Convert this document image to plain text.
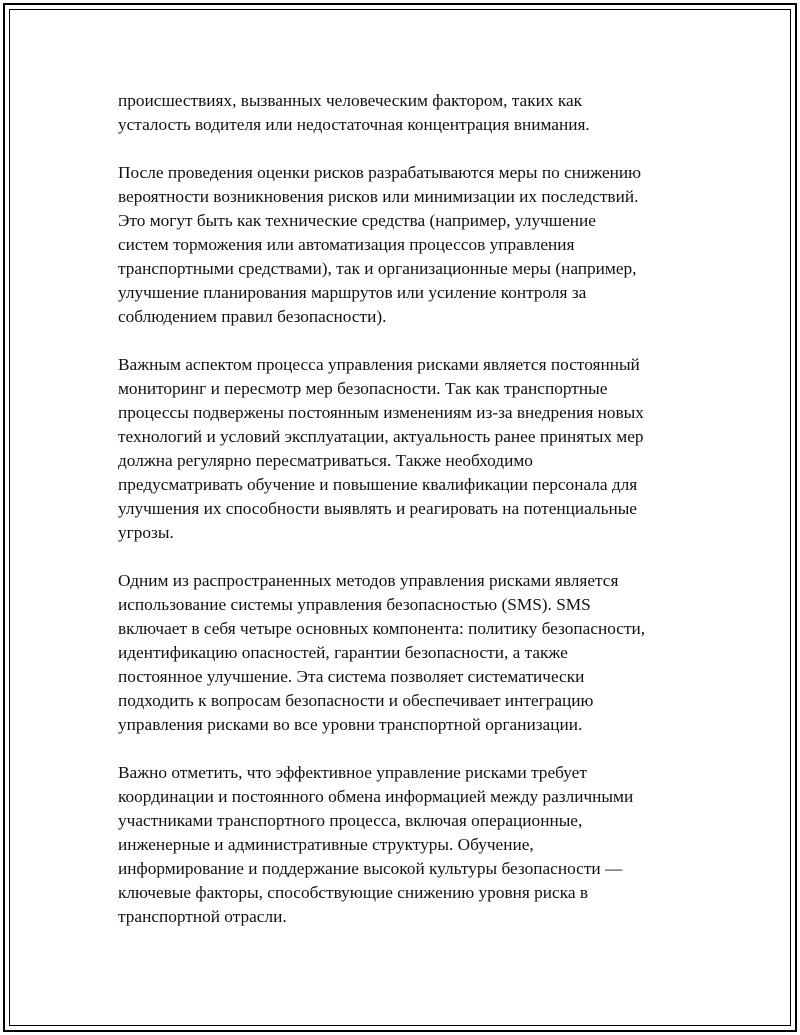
происшествиях, вызванных человеческим фактором, таких как
усталость водителя или недостаточная концентрация внимания.

После проведения оценки рисков разрабатываются меры по снижению
вероятности возникновения рисков или минимизации их последствий.
Это могут быть как технические средства (например, улучшение
систем торможения или автоматизация процессов управления
транспортными средствами), так и организационные меры (например,
улучшение планирования маршрутов или усиление контроля за
соблюдением правил безопасности).

Важным аспектом процесса управления рисками является постоянный
мониторинг и пересмотр мер безопасности. Так как транспортные
процессы подвержены постоянным изменениям из-за внедрения новых
технологий и условий эксплуатации, актуальность ранее принятых мер
должна регулярно пересматриваться. Также необходимо
предусматривать обучение и повышение квалификации персонала для
улучшения их способности выявлять и реагировать на потенциальные
угрозы.

Одним из распространенных методов управления рисками является
использование системы управления безопасностью (SMS). SMS
включает в себя четыре основных компонента: политику безопасности,
идентификацию опасностей, гарантии безопасности, а также
постоянное улучшение. Эта система позволяет систематически
подходить к вопросам безопасности и обеспечивает интеграцию
управления рисками во все уровни транспортной организации.

Важно отметить, что эффективное управление рисками требует
координации и постоянного обмена информацией между различными
участниками транспортного процесса, включая операционные,
инженерные и административные структуры. Обучение,
информирование и поддержание высокой культуры безопасности —
ключевые факторы, способствующие снижению уровня риска в
транспортной отрасли.
